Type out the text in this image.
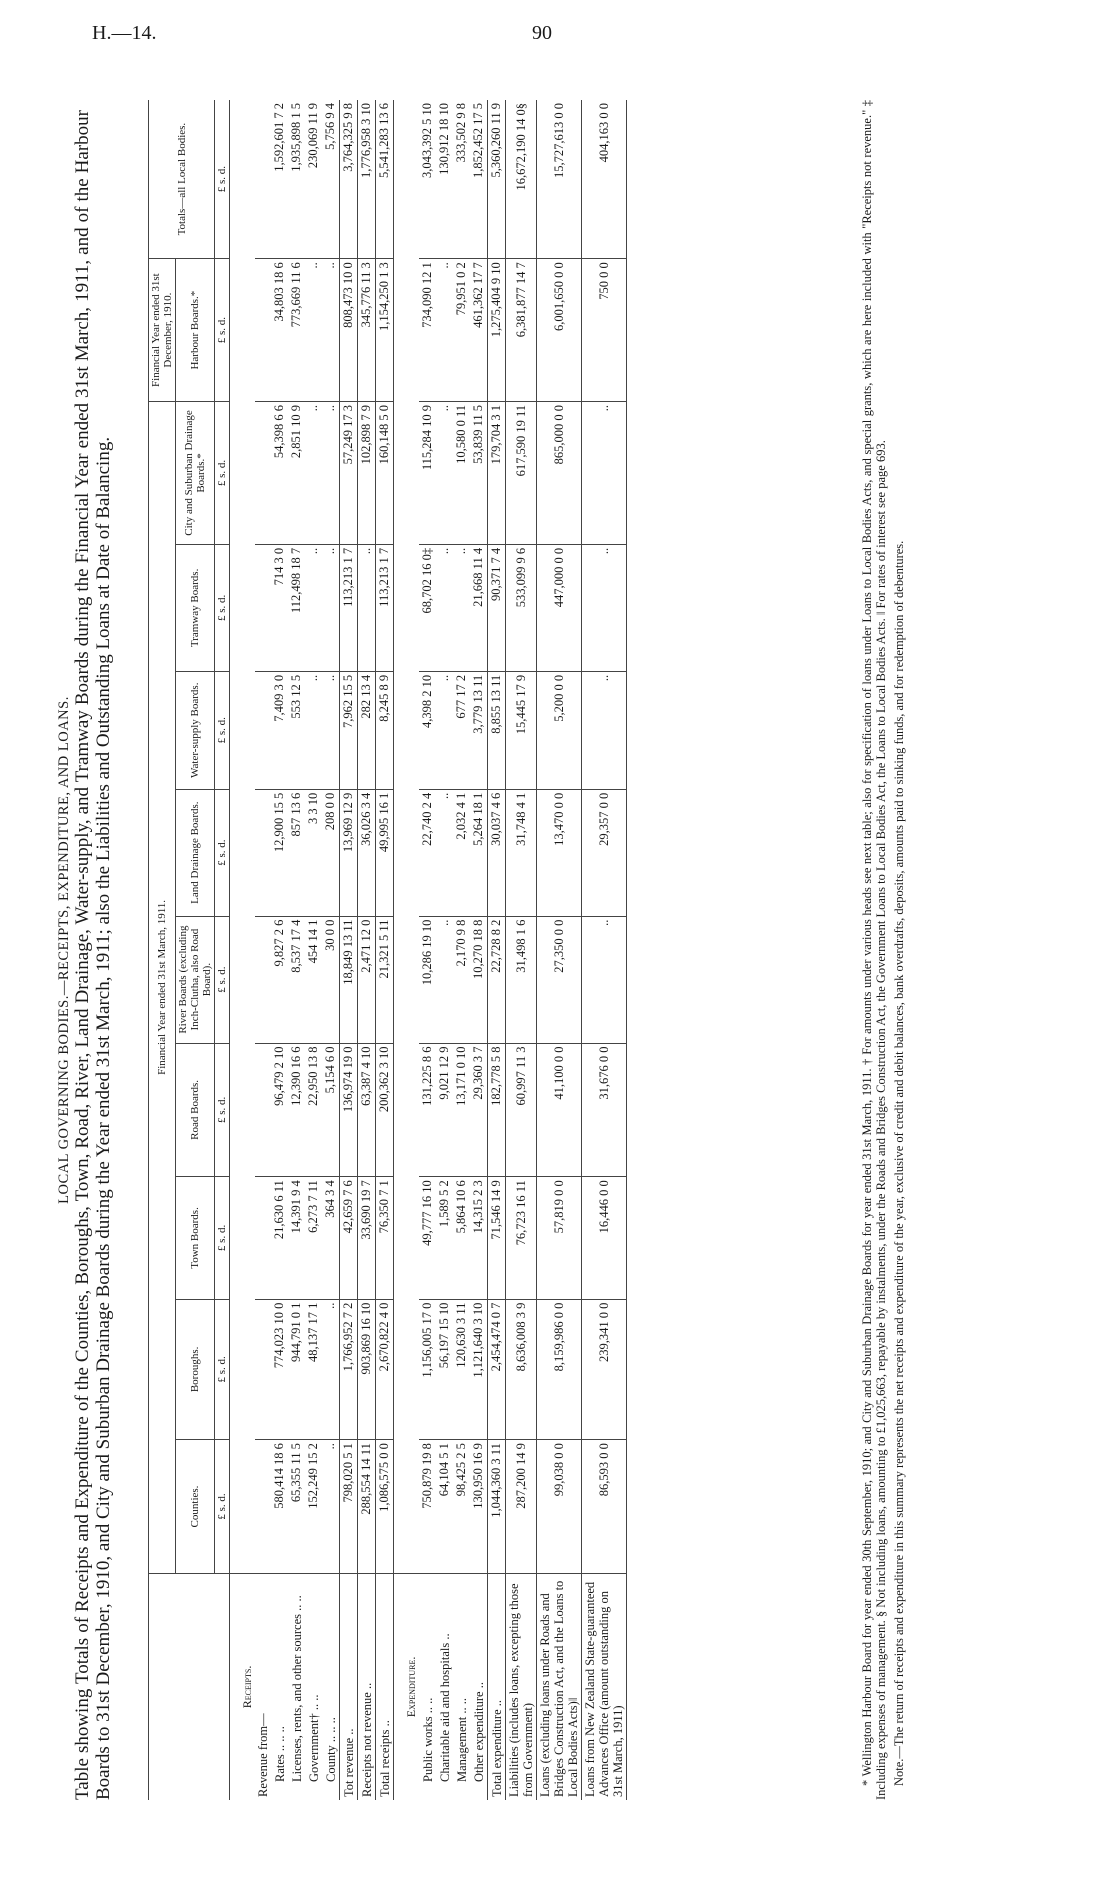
H.—14.	90
LOCAL GOVERNING BODIES.—RECEIPTS, EXPENDITURE, AND LOANS. Table showing Totals of Receipts and Expenditure of the Counties, Boroughs, Town, Road, River, Land Drainage, Water-supply, and Tramway Boards during the Financial Year ended 31st March, 1911, and of the Harbour Boards to 31st December, 1910, and City and Suburban Drainage Boards during the Year ended 31st March, 1911; also the Liabilities and Outstanding Loans at Date of Balancing.

		Financial Year ended 31st March, 1911.									Financial Year ended 31st December, 1910.	Totals—all Local Bodies.
	Counties.	Boroughs.	Town Boards.	Road Boards.	River Boards (excluding Inch-Clutha, also Road Board).	Land Drainage Boards.	Water-supply Boards.	Tramway Boards.	City and Suburban Drainage Boards.*	Harbour Boards.*	
	£ s. d.	£ s. d.	£ s. d.	£ s. d.	£ s. d.	£ s. d.	£ s. d.	£ s. d.	£ s. d.	£ s. d.	£ s. d.
Receipts.											
Revenue from—											
Rates .. .. ..	580,414 18 6	774,023 10 0	21,630 6 11	96,479 2 10	9,827 2 6	12,900 15 5	7,409 3 0	714 3 0	54,398 6 6	34,803 18 6	1,592,601 7 2
Licenses, rents, and other sources .. ..	65,355 11 5	944,791 0 1	14,391 9 4	12,390 16 6	8,537 17 4	857 13 6	553 12 5	112,498 18 7	2,851 10 9	773,669 11 6	1,935,898 1 5
Government† .. ..	152,249 15 2	48,137 17 1	6,273 7 11	22,950 13 8	454 14 1	3 3 10	..	..	..	..	230,069 11 9
County .. .. ..	..	..	364 3 4	5,154 6 0	30 0 0	208 0 0	..	..	..	..	5,756 9 4
Tot revenue ..	798,020 5 1	1,766,952 7 2	42,659 7 6	136,974 19 0	18,849 13 11	13,969 12 9	7,962 15 5	113,213 1 7	57,249 17 3	808,473 10 0	3,764,325 9 8
Receipts not revenue ..	288,554 14 11	903,869 16 10	33,690 19 7	63,387 4 10	2,471 12 0	36,026 3 4	282 13 4	..	102,898 7 9	345,776 11 3	1,776,958 3 10
Total receipts ..	1,086,575 0 0	2,670,822 4 0	76,350 7 1	200,362 3 10	21,321 5 11	49,995 16 1	8,245 8 9	113,213 1 7	160,148 5 0	1,154,250 1 3	5,541,283 13 6
Expenditure.											
Public works .. ..	750,879 19 8	1,156,005 17 0	49,777 16 10	131,225 8 6	10,286 19 10	22,740 2 4	4,398 2 10	68,702 16 0‡	115,284 10 9	734,090 12 1	3,043,392 5 10
Charitable aid and hospitals ..	64,104 5 1	56,197 15 10	1,589 5 2	9,021 12 9	..	..	..	..	..	..	130,912 18 10
Management .. ..	98,425 2 5	120,630 3 11	5,864 10 6	13,171 0 10	2,170 9 8	2,032 4 1	677 17 2	..	10,580 0 11	79,951 0 2	333,502 9 8
Other expenditure ..	130,950 16 9	1,121,640 3 10	14,315 2 3	29,360 3 7	10,270 18 8	5,264 18 1	3,779 13 11	21,668 11 4	53,839 11 5	461,362 17 7	1,852,452 17 5
Total expenditure ..	1,044,360 3 11	2,454,474 0 7	71,546 14 9	182,778 5 8	22,728 8 2	30,037 4 6	8,855 13 11	90,371 7 4	179,704 3 1	1,275,404 9 10	5,360,260 11 9
Liabilities (includes loans, excepting those from Government)	287,200 14 9	8,636,008 3 9	76,723 16 11	60,997 11 3	31,498 1 6	31,748 4 1	15,445 17 9	533,099 9 6	617,590 19 11	6,381,877 14 7	16,672,190 14 0§
Loans (excluding loans under Roads and Bridges Construction Act, and the Loans to Local Bodies Acts)‖	99,038 0 0	8,159,986 0 0	57,819 0 0	41,100 0 0	27,350 0 0	13,470 0 0	5,200 0 0	447,000 0 0	865,000 0 0	6,001,650 0 0	15,727,613 0 0
Loans from New Zealand State-guaranteed Advances Office (amount outstanding on 31st March, 1911)	86,593 0 0	239,341 0 0	16,446 0 0	31,676 0 0	..	29,357 0 0	..	..	..	750 0 0	404,163 0 0	* Wellington Harbour Board for year ended 30th September, 1910; and City and Suburban Drainage Boards for year ended 31st March, 1911. † For amounts under various heads see next table; also for specification of loans under Loans to Local Bodies Acts, and special grants, which are here included with "Receipts not revenue." ‡ Including expenses of management. § Not including loans, amounting to £1,025,663, repayable by instalments, under the Roads and Bridges Construction Act, the Government Loans to Local Bodies Act, the Loans to Local Bodies Acts. ‖ For rates of interest see page 693. Note.—The return of receipts and expenditure in this summary represents the net receipts and expenditure of the year, exclusive of credit and debit balances, bank overdrafts, deposits, amounts paid to sinking funds, and for redemption of debentures.
